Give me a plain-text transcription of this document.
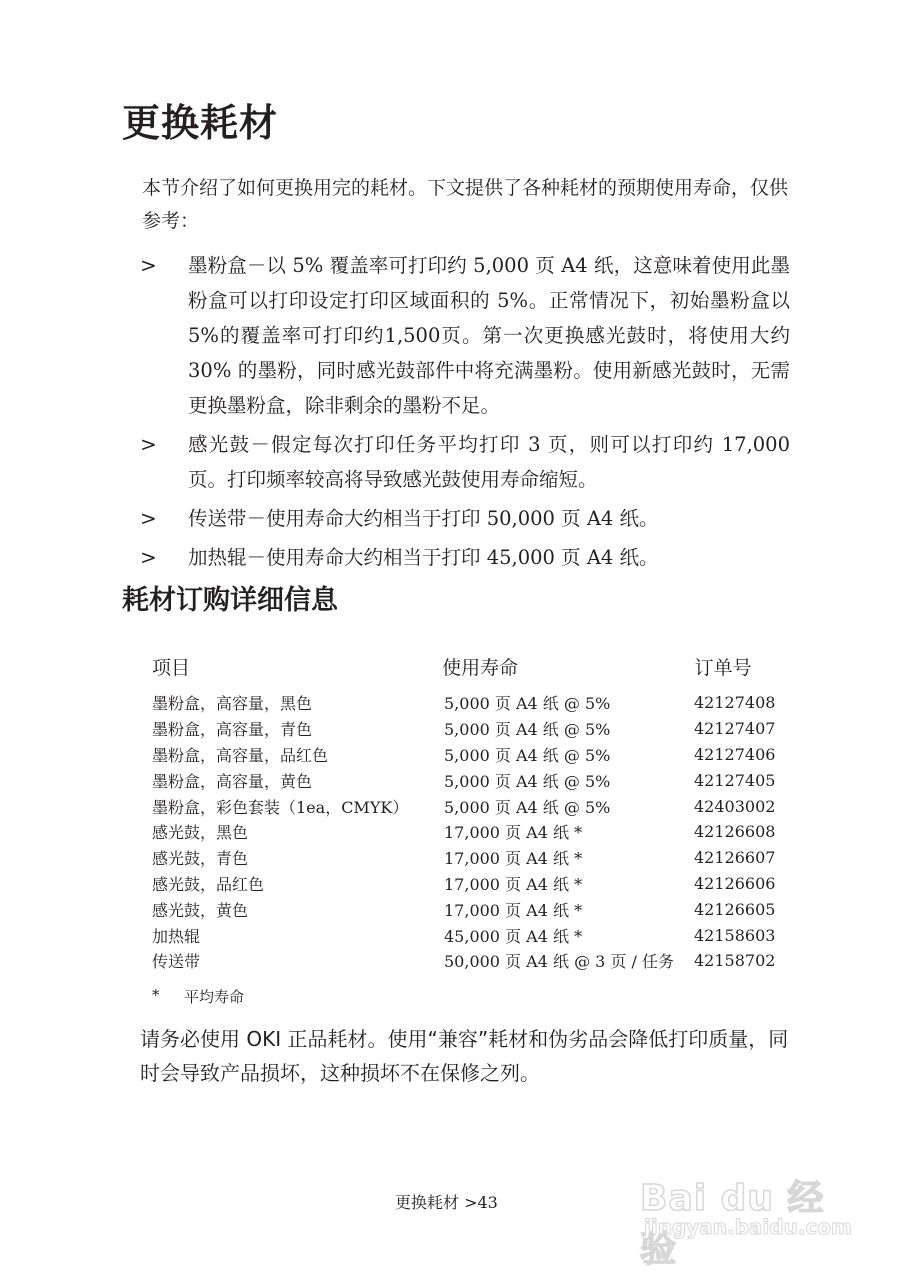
更换耗材

本节介绍了如何更换用完的耗材。下文提供了各种耗材的预期使用寿命，仅供参考：

>	墨粉盒－以 5% 覆盖率可打印约 5,000 页 A4 纸，这意味着使用此墨粉盒可以打印设定打印区域面积的 5%。正常情况下，初始墨粉盒以5%的覆盖率可打印约1,500页。第一次更换感光鼓时，将使用大约 30% 的墨粉，同时感光鼓部件中将充满墨粉。使用新感光鼓时，无需更换墨粉盒，除非剩余的墨粉不足。
>	感光鼓－假定每次打印任务平均打印 3 页，则可以打印约 17,000 页。打印频率较高将导致感光鼓使用寿命缩短。
>	传送带－使用寿命大约相当于打印 50,000 页 A4 纸。
>	加热辊－使用寿命大约相当于打印 45,000 页 A4 纸。
耗材订购详细信息
项目	使用寿命	订单号
墨粉盒，高容量，黑色	5,000 页 A4 纸 @ 5%	42127408
墨粉盒，高容量，青色	5,000 页 A4 纸 @ 5%	42127407
墨粉盒，高容量，品红色	5,000 页 A4 纸 @ 5%	42127406
墨粉盒，高容量，黄色	5,000 页 A4 纸 @ 5%	42127405
墨粉盒，彩色套装（1ea，CMYK）	5,000 页 A4 纸 @ 5%	42403002
感光鼓，黑色	17,000 页 A4 纸 *	42126608
感光鼓，青色	17,000 页 A4 纸 *	42126607
感光鼓，品红色	17,000 页 A4 纸 *	42126606
感光鼓，黄色	17,000 页 A4 纸 *	42126605
加热辊	45,000 页 A4 纸 *	42158603
传送带	50,000 页 A4 纸 @ 3 页 / 任务	42158702
*	平均寿命

请务必使用 OKI 正品耗材。使用“兼容”耗材和伪劣品会降低打印质量，同时会导致产品损坏，这种损坏不在保修之列。

更换耗材 >43	Bai du 经验
jingyan.baidu.com
